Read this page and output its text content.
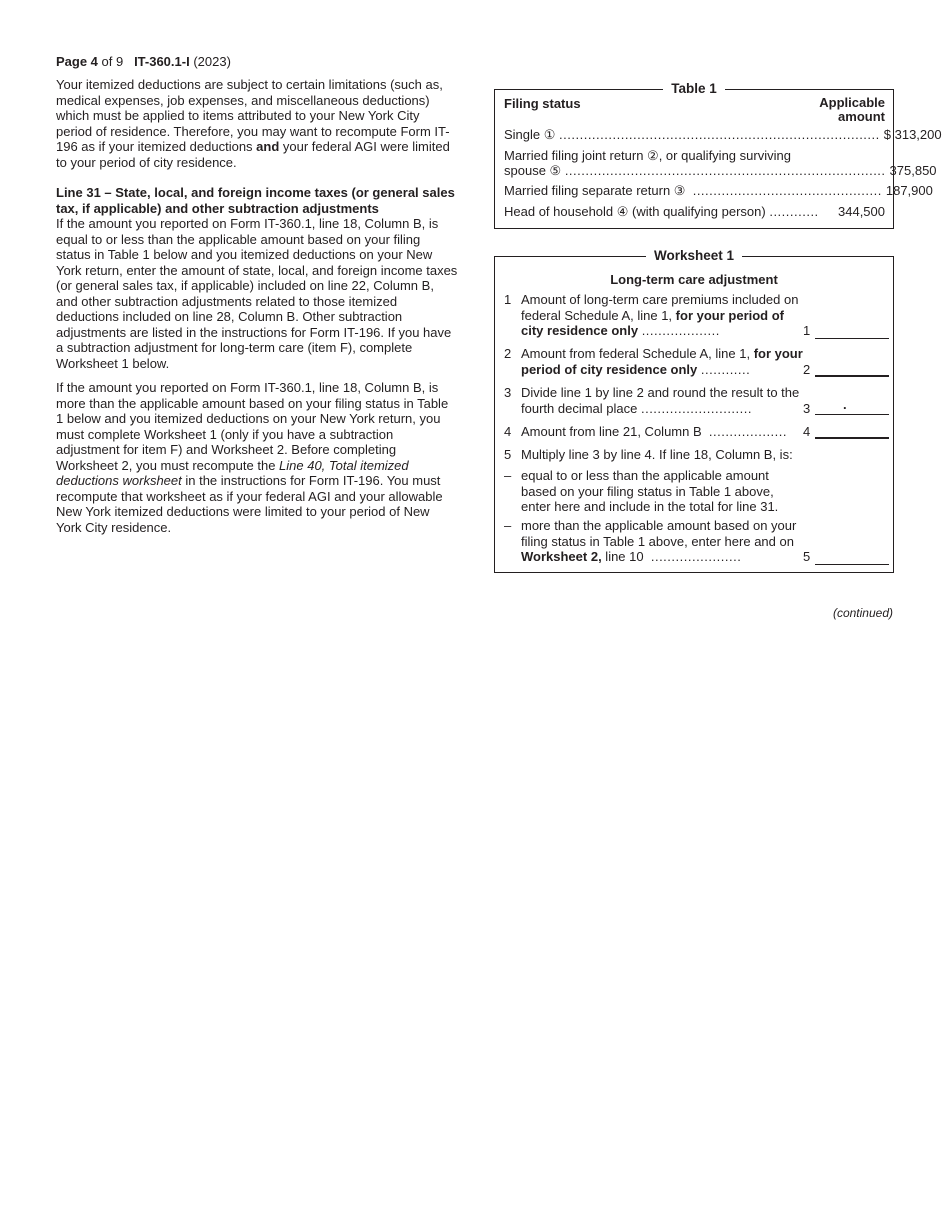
Page 4 of 9 IT-360.1-I (2023)

Your itemized deductions are subject to certain limitations (such as, medical expenses, job expenses, and miscellaneous deductions) which must be applied to items attributed to your New York City period of residence. Therefore, you may want to recompute Form IT-196 as if your itemized deductions and your federal AGI were limited to your period of city residence.

Line 31 – State, local, and foreign income taxes (or general sales tax, if applicable) and other subtraction adjustments

If the amount you reported on Form IT-360.1, line 18, Column B, is equal to or less than the applicable amount based on your filing status in Table 1 below and you itemized deductions on your New York return, enter the amount of state, local, and foreign income taxes (or general sales tax, if applicable) included on line 22, Column B, and other subtraction adjustments related to those itemized deductions included on line 28, Column B. Other subtraction adjustments are listed in the instructions for Form IT-196. If you have a subtraction adjustment for long-term care (item F), complete Worksheet 1 below.

If the amount you reported on Form IT-360.1, line 18, Column B, is more than the applicable amount based on your filing status in Table 1 below and you itemized deductions on your New York return, you must complete Worksheet 1 (only if you have a subtraction adjustment for item F) and Worksheet 2. Before completing Worksheet 2, you must recompute the Line 40, Total itemized deductions worksheet in the instructions for Form IT-196. You must recompute that worksheet as if your federal AGI and your allowable New York itemized deductions were limited to your period of New York City residence.

Table 1
Filing status	Applicable
amount
Single ① .............................................................................. $ 313,200
Married filing joint return ②, or qualifying surviving
spouse ⑤ .............................................................................. 375,850
Married filing separate return ③ .............................................. 187,900
Head of household ④ (with qualifying person) ............	344,500
Worksheet 1
Long-term care adjustment
1 Amount of long-term care premiums included on federal Schedule A, line 1, for your period of city residence only ...................	1
2 Amount from federal Schedule A, line 1, for your period of city residence only ............	2
3 Divide line 1 by line 2 and round the result to the fourth decimal place ...........................	3	.
4 Amount from line 21, Column B ...................	4
5 Multiply line 3 by line 4. If line 18, Column B, is:
– equal to or less than the applicable amount based on your filing status in Table 1 above, enter here and include in the total for line 31.
– more than the applicable amount based on your filing status in Table 1 above, enter here and on Worksheet 2, line 10 ......................	5
(continued)
